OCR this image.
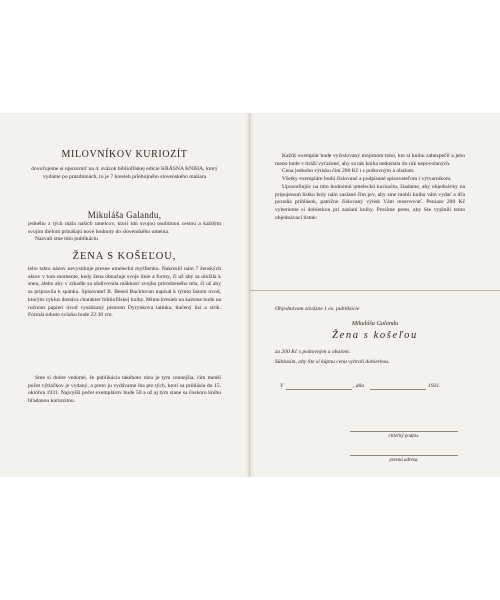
MILOVNÍKOV KURIOZÍT

dovoľujeme si upozorniť na 4. sväzok bibliofilskej edície KRÁSNA KNIHA, ktorý vydáme po prázdninách, to je 7 kresieb priebojného slovenského maliara

Mikuláša Galandu,

jedného z tých mála našich umelcov, ktorí idú svojou osobitnou cestou a každým svojím dielom prinášajú nové hodnoty do slovenského umenia.

Nazvali sme túto publikáciu

ŽENA S KOŠEĽOU,

lebo takto názov nevystihuje presne umeleckú myšlienku. Nakreslil nám 7 ženských aktov v tom momente, kedy žena obnažuje svoje línie a formy, či už aby sa uložila k sneu, alebo aby v zrkadle sa obdivovala mäkkosť svojho prirodzeného tela, či už aby sa pripravila k spánku. Spisovateľ R. Beneš Buchlovan napísal k týmto listom úvod, ktorým cyklus dostáva charakter bibliofilskej knihy. Mimo kresieb na kartone bude na ručnom papieri úvod vysádzaný písmom Dyrynkova latinka, tlačený lisi a sirik. Formát tohoto sväzku bude 22:30 cm.

Sme si dobre vedomé, že publikácia takéhoto rázu je tym cennejšia, čím menší počet výtlačkov je vydaný, a preto ju vydávame iba pre tých, ktorí sa prihlásia do 15. októbra 1931. Najvyšší počet exemplárov bude 50 a už aj tým stane sa čoskoro knihu hľadanou kuriozitou.

Každý exemplár bude vyčíslovaný mojimom toho, kto si knihu zabezpečil a jeho meno bude v tiráži vyťačené, aby sa tak kniha nedostala do rúk nepovolaných.

Cena jednoho výtisku činí 200 Kč i s poštovným a obalom.

Všetky exempláre budú číslované a podpísané spisovateľom i výtvarníkom.

Upozorňujúc na túto hodnotnú umeleckú kuriozitu, žiadame, aby objednávky na pripojenom lístku boly nám zaslané čím prv, aby sme mohli knihu vám vydať a dľa poradia prihlások, patrične číslovaný výtisk Vám rezervovať. Peniaze 200 Kč vyberieme si dobierkou pri zaslaní knihy. Prosíme preto, aby Ste vyplnili tento objednávací lístok:

Objednávam záväzne 1 ex. publikácie
Mikuláša Galandu
Žena s košeľou
za 200 Kč s poštovným a obalom.
Súhlasím, aby Ste si kúpnu cenu vybrali dobierkou.
V	, dňa	1931.
ctiteľný podpis.
presná adresa.
